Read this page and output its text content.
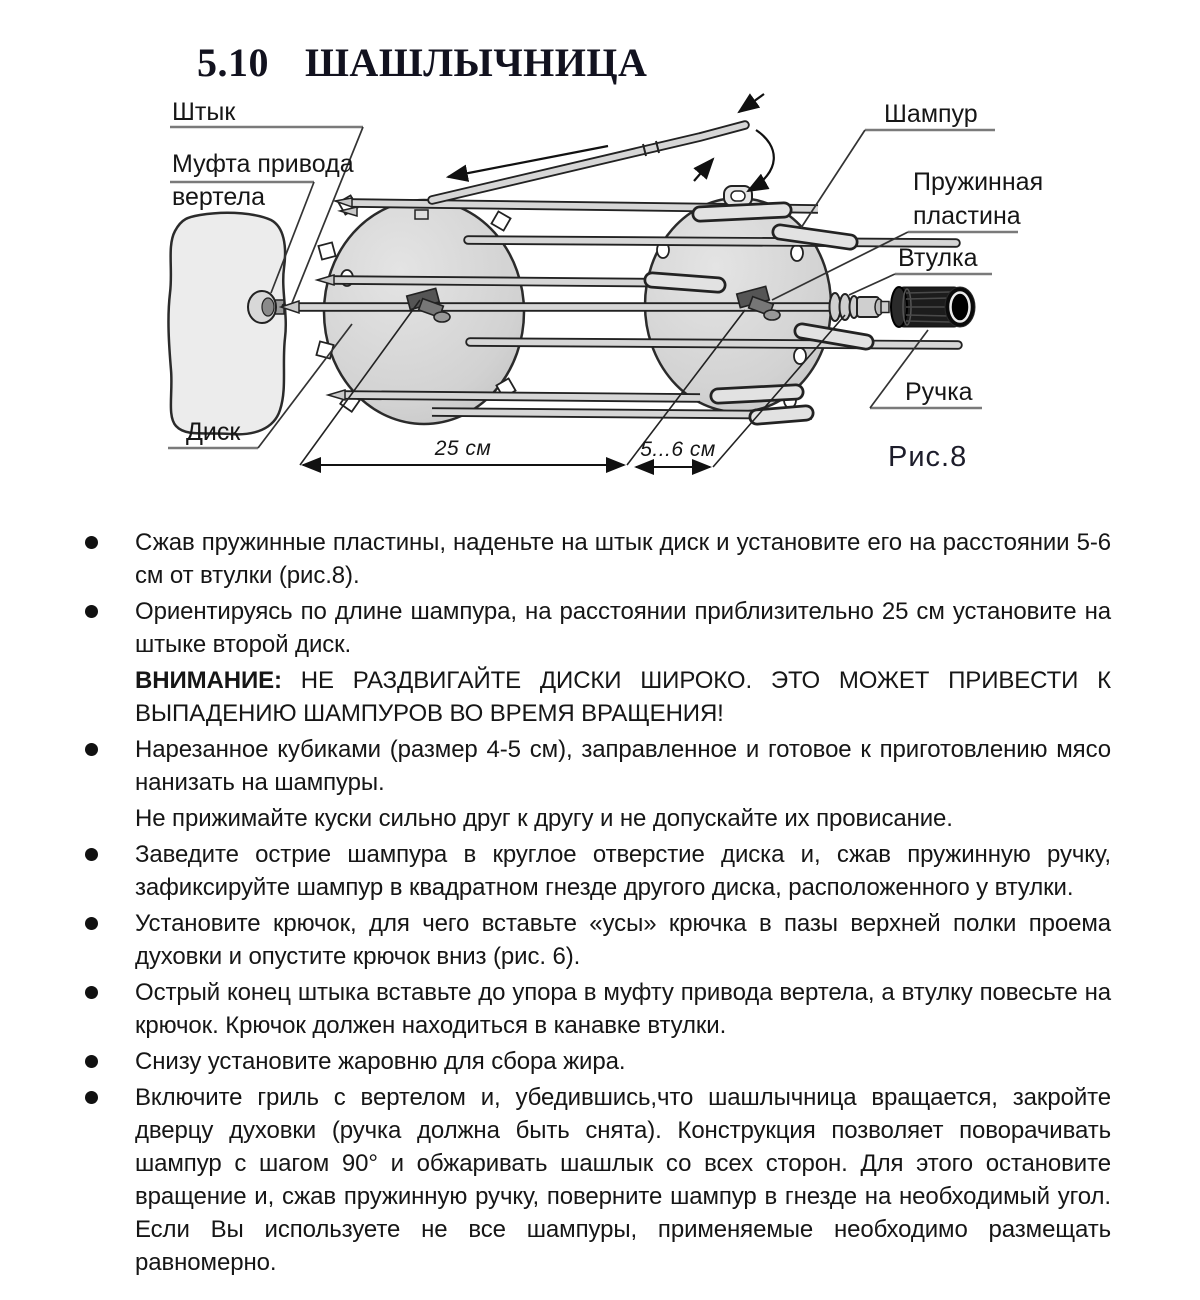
5.10 ШАШЛЫЧНИЦА
25 см	5...6 см
Штык
Муфта привода
вертела
Диск
Шампур
Пружинная
пластина
Втулка
Ручка
Рис.8

Сжав пружинные пластины, наденьте на штык диск и установите его на расстоянии 5-6 см от втулки (рис.8).

Ориентируясь по длине шампура, на расстоянии приблизительно 25 см установите на штыке второй диск.

ВНИМАНИЕ: НЕ РАЗДВИГАЙТЕ ДИСКИ ШИРОКО. ЭТО МОЖЕТ ПРИВЕСТИ К ВЫПАДЕНИЮ ШАМПУРОВ ВО ВРЕМЯ ВРАЩЕНИЯ!

Нарезанное кубиками (размер 4-5 см), заправленное и готовое к приготовлению мясо нанизать на шампуры.

Не прижимайте куски сильно друг к другу и не допускайте их провисание.

Заведите острие шампура в круглое отверстие диска и, сжав пружинную ручку, зафиксируйте шампур в квадратном гнезде другого диска, расположенного у втулки.

Установите крючок, для чего вставьте «усы» крючка в пазы верхней полки проема духовки и опустите крючок вниз (рис. 6).

Острый конец штыка вставьте до упора в муфту привода вертела, а втулку повесьте на крючок. Крючок должен находиться в канавке втулки.

Снизу установите жаровню для сбора жира.

Включите гриль с вертелом и, убедившись,что шашлычница вращается, закройте дверцу духовки (ручка должна быть снята). Конструкция позволяет поворачивать шампур с шагом 90° и обжаривать шашлык со всех сторон. Для этого остановите вращение и, сжав пружинную ручку, поверните шампур в гнезде на необходимый угол. Если Вы используете не все шампуры, применяемые необходимо размещать равномерно.
